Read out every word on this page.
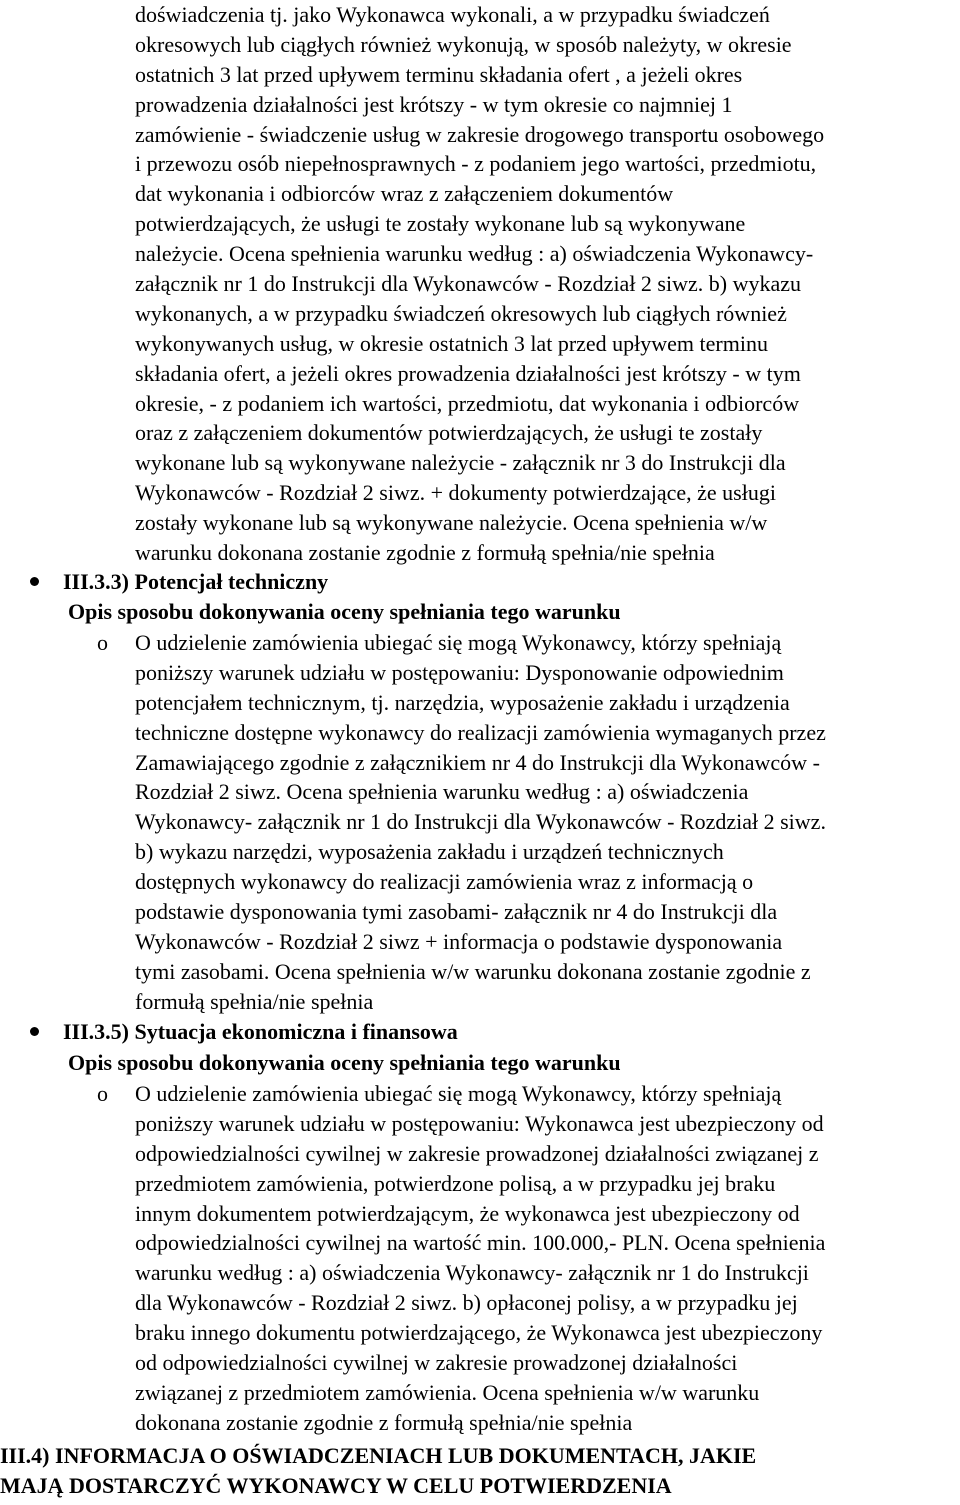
doświadczenia tj. jako Wykonawca wykonali, a w przypadku świadczeń
okresowych lub ciągłych również wykonują, w sposób należyty, w okresie
ostatnich 3 lat przed upływem terminu składania ofert , a jeżeli okres
prowadzenia działalności jest krótszy - w tym okresie co najmniej 1
zamówienie - świadczenie usług w zakresie drogowego transportu osobowego
i przewozu osób niepełnosprawnych - z podaniem jego wartości, przedmiotu,
dat wykonania i odbiorców wraz z załączeniem dokumentów
potwierdzających, że usługi te zostały wykonane lub są wykonywane
należycie. Ocena spełnienia warunku według : a) oświadczenia Wykonawcy-
załącznik nr 1 do Instrukcji dla Wykonawców - Rozdział 2 siwz. b) wykazu
wykonanych, a w przypadku świadczeń okresowych lub ciągłych również
wykonywanych usług, w okresie ostatnich 3 lat przed upływem terminu
składania ofert, a jeżeli okres prowadzenia działalności jest krótszy - w tym
okresie, - z podaniem ich wartości, przedmiotu, dat wykonania i odbiorców
oraz z załączeniem dokumentów potwierdzających, że usługi te zostały
wykonane lub są wykonywane należycie - załącznik nr 3 do Instrukcji dla
Wykonawców - Rozdział 2 siwz. + dokumenty potwierdzające, że usługi
zostały wykonane lub są wykonywane należycie. Ocena spełnienia w/w
warunku dokonana zostanie zgodnie z formułą spełnia/nie spełnia
III.3.3) Potencjał techniczny
Opis sposobu dokonywania oceny spełniania tego warunku
o O udzielenie zamówienia ubiegać się mogą Wykonawcy, którzy spełniają
poniższy warunek udziału w postępowaniu: Dysponowanie odpowiednim
potencjałem technicznym, tj. narzędzia, wyposażenie zakładu i urządzenia
techniczne dostępne wykonawcy do realizacji zamówienia wymaganych przez
Zamawiającego zgodnie z załącznikiem nr 4 do Instrukcji dla Wykonawców -
Rozdział 2 siwz. Ocena spełnienia warunku według : a) oświadczenia
Wykonawcy- załącznik nr 1 do Instrukcji dla Wykonawców - Rozdział 2 siwz.
b) wykazu narzędzi, wyposażenia zakładu i urządzeń technicznych
dostępnych wykonawcy do realizacji zamówienia wraz z informacją o
podstawie dysponowania tymi zasobami- załącznik nr 4 do Instrukcji dla
Wykonawców - Rozdział 2 siwz + informacja o podstawie dysponowania
tymi zasobami. Ocena spełnienia w/w warunku dokonana zostanie zgodnie z
formułą spełnia/nie spełnia
III.3.5) Sytuacja ekonomiczna i finansowa
Opis sposobu dokonywania oceny spełniania tego warunku
o O udzielenie zamówienia ubiegać się mogą Wykonawcy, którzy spełniają
poniższy warunek udziału w postępowaniu: Wykonawca jest ubezpieczony od
odpowiedzialności cywilnej w zakresie prowadzonej działalności związanej z
przedmiotem zamówienia, potwierdzone polisą, a w przypadku jej braku
innym dokumentem potwierdzającym, że wykonawca jest ubezpieczony od
odpowiedzialności cywilnej na wartość min. 100.000,- PLN. Ocena spełnienia
warunku według : a) oświadczenia Wykonawcy- załącznik nr 1 do Instrukcji
dla Wykonawców - Rozdział 2 siwz. b) opłaconej polisy, a w przypadku jej
braku innego dokumentu potwierdzającego, że Wykonawca jest ubezpieczony
od odpowiedzialności cywilnej w zakresie prowadzonej działalności
związanej z przedmiotem zamówienia. Ocena spełnienia w/w warunku
dokonana zostanie zgodnie z formułą spełnia/nie spełnia
III.4) INFORMACJA O OŚWIADCZENIACH LUB DOKUMENTACH, JAKIE
MAJĄ DOSTARCZYĆ WYKONAWCY W CELU POTWIERDZENIA
